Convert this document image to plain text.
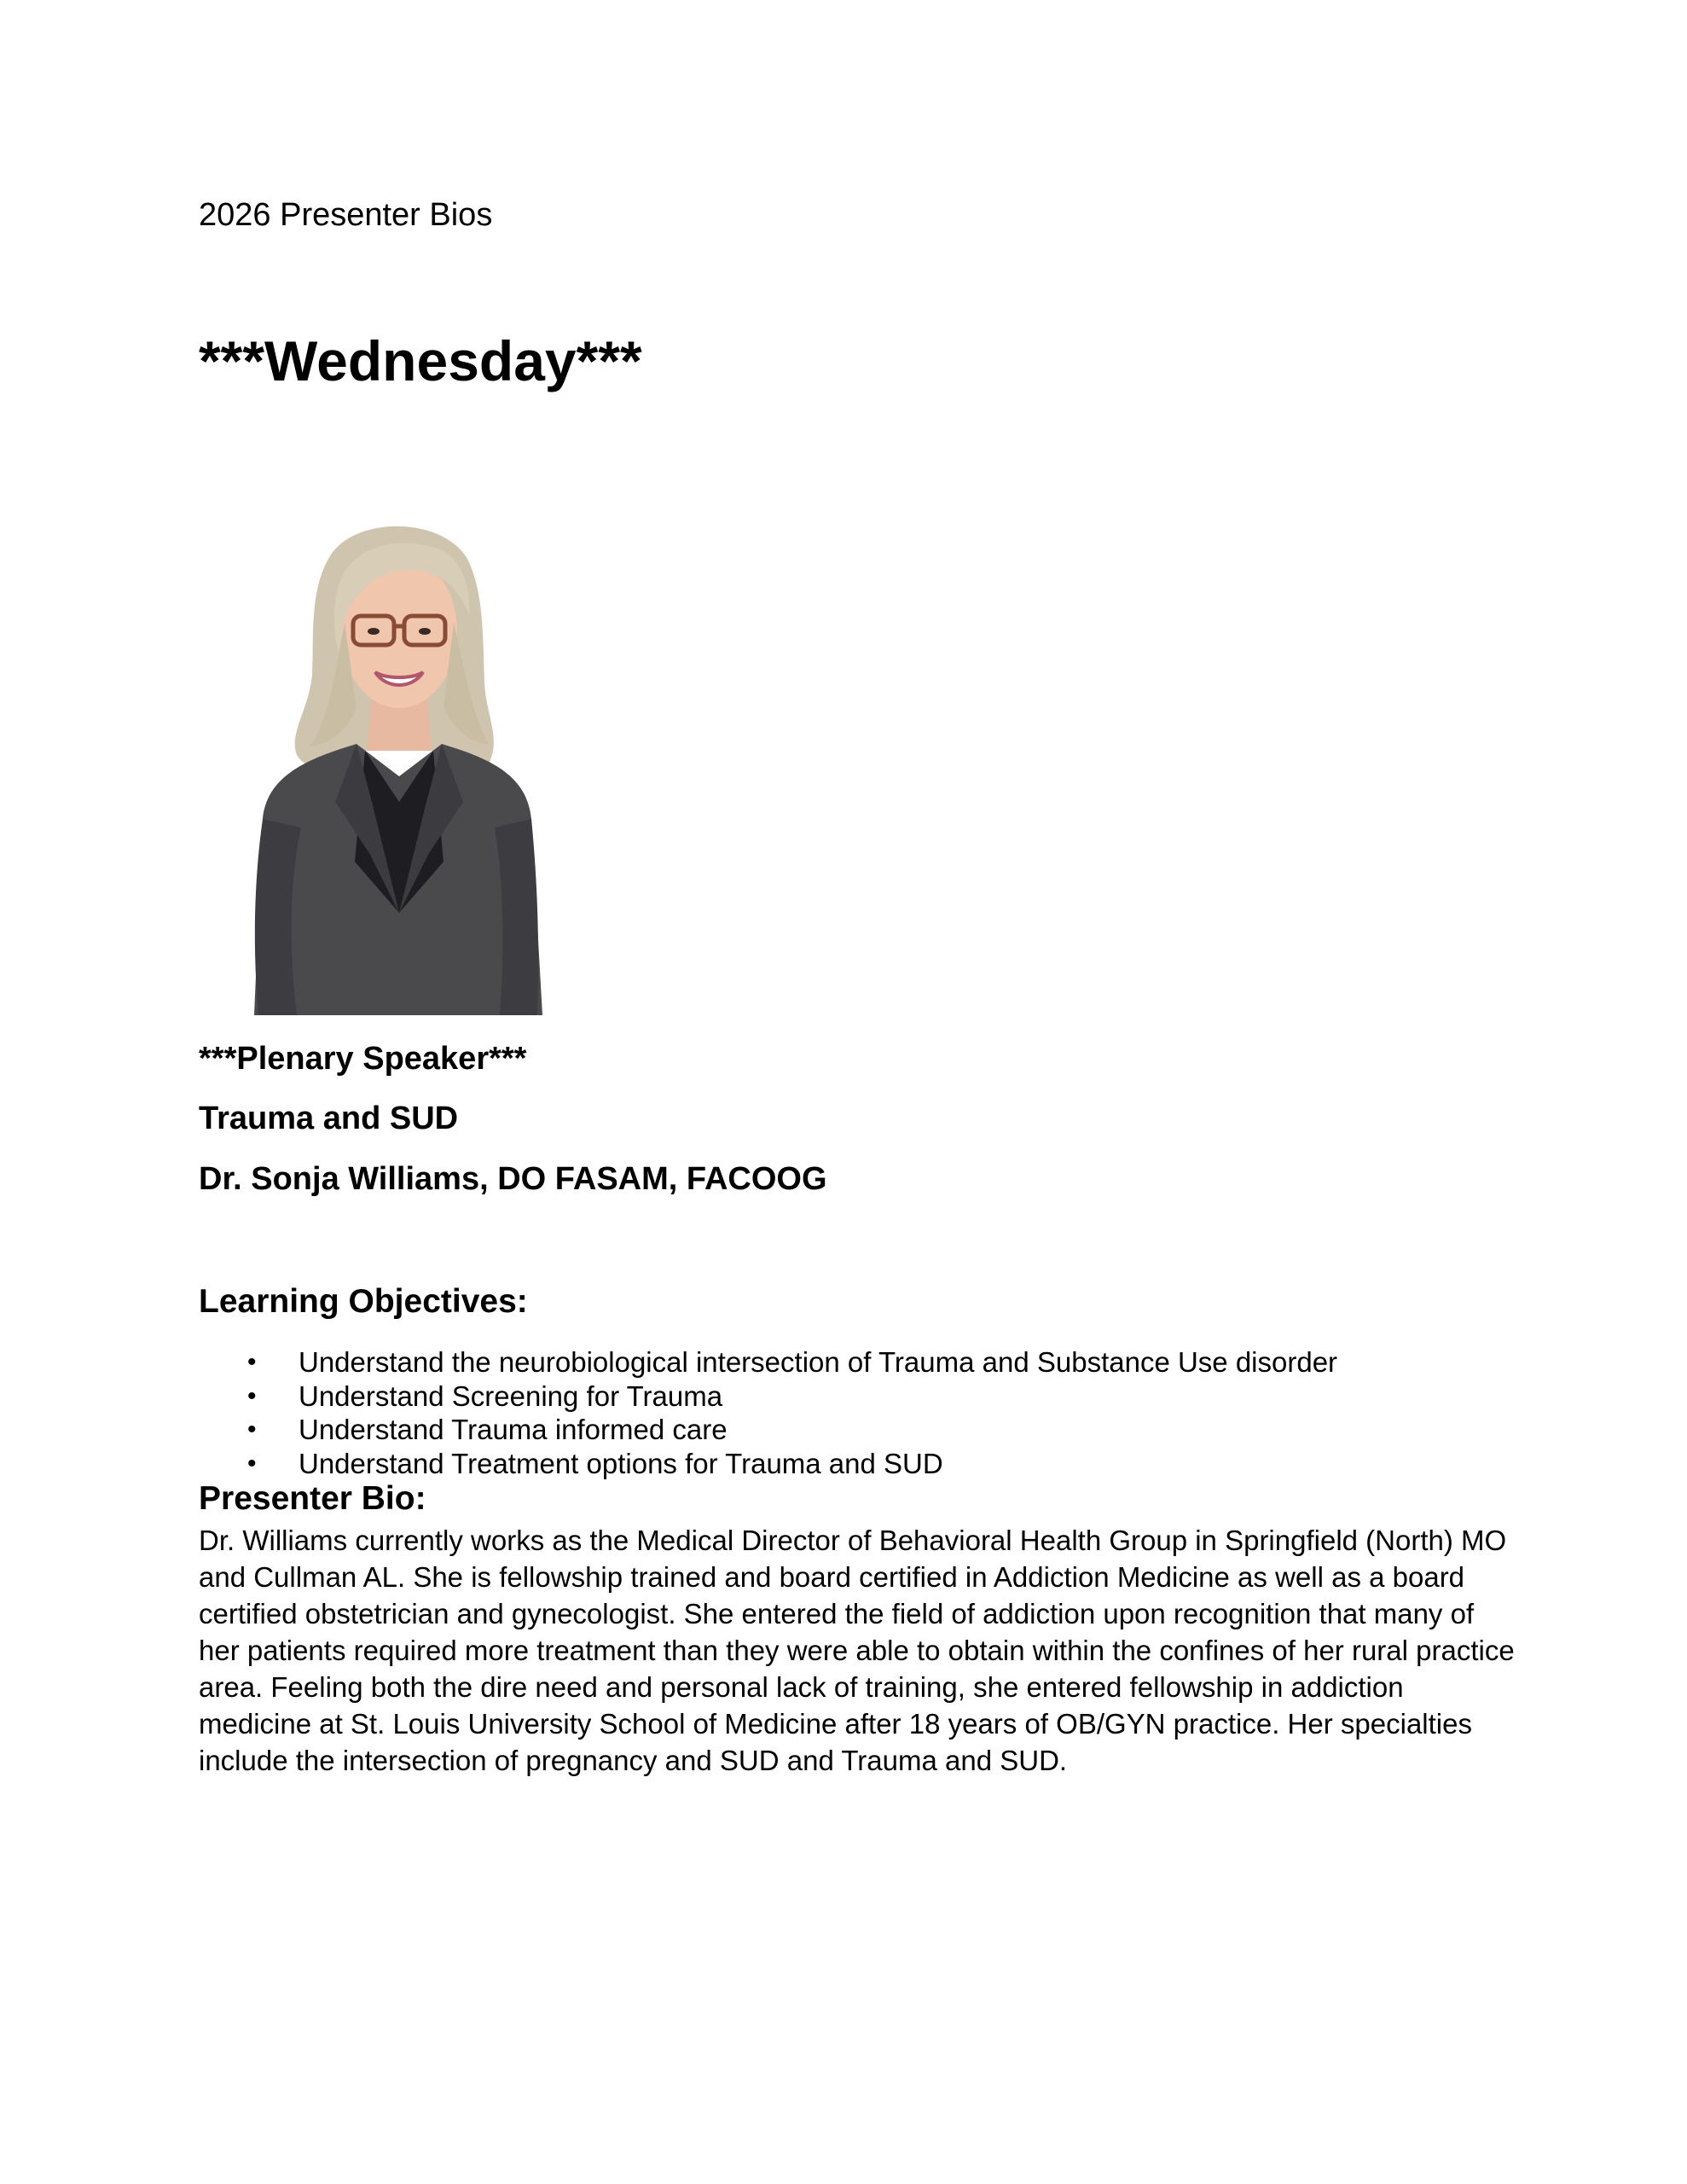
2026 Presenter Bios

***Wednesday***

***Plenary Speaker***

Trauma and SUD

Dr. Sonja Williams, DO FASAM, FACOOG

Learning Objectives:
• Understand the neurobiological intersection of Trauma and Substance Use disorder
• Understand Screening for Trauma
• Understand Trauma informed care
• Understand Treatment options for Trauma and SUD
Presenter Bio:

Dr. Williams currently works as the Medical Director of Behavioral Health Group in Springfield (North) MO
and Cullman AL. She is fellowship trained and board certified in Addiction Medicine as well as a board
certified obstetrician and gynecologist. She entered the field of addiction upon recognition that many of
her patients required more treatment than they were able to obtain within the confines of her rural practice
area. Feeling both the dire need and personal lack of training, she entered fellowship in addiction
medicine at St. Louis University School of Medicine after 18 years of OB/GYN practice. Her specialties
include the intersection of pregnancy and SUD and Trauma and SUD.
